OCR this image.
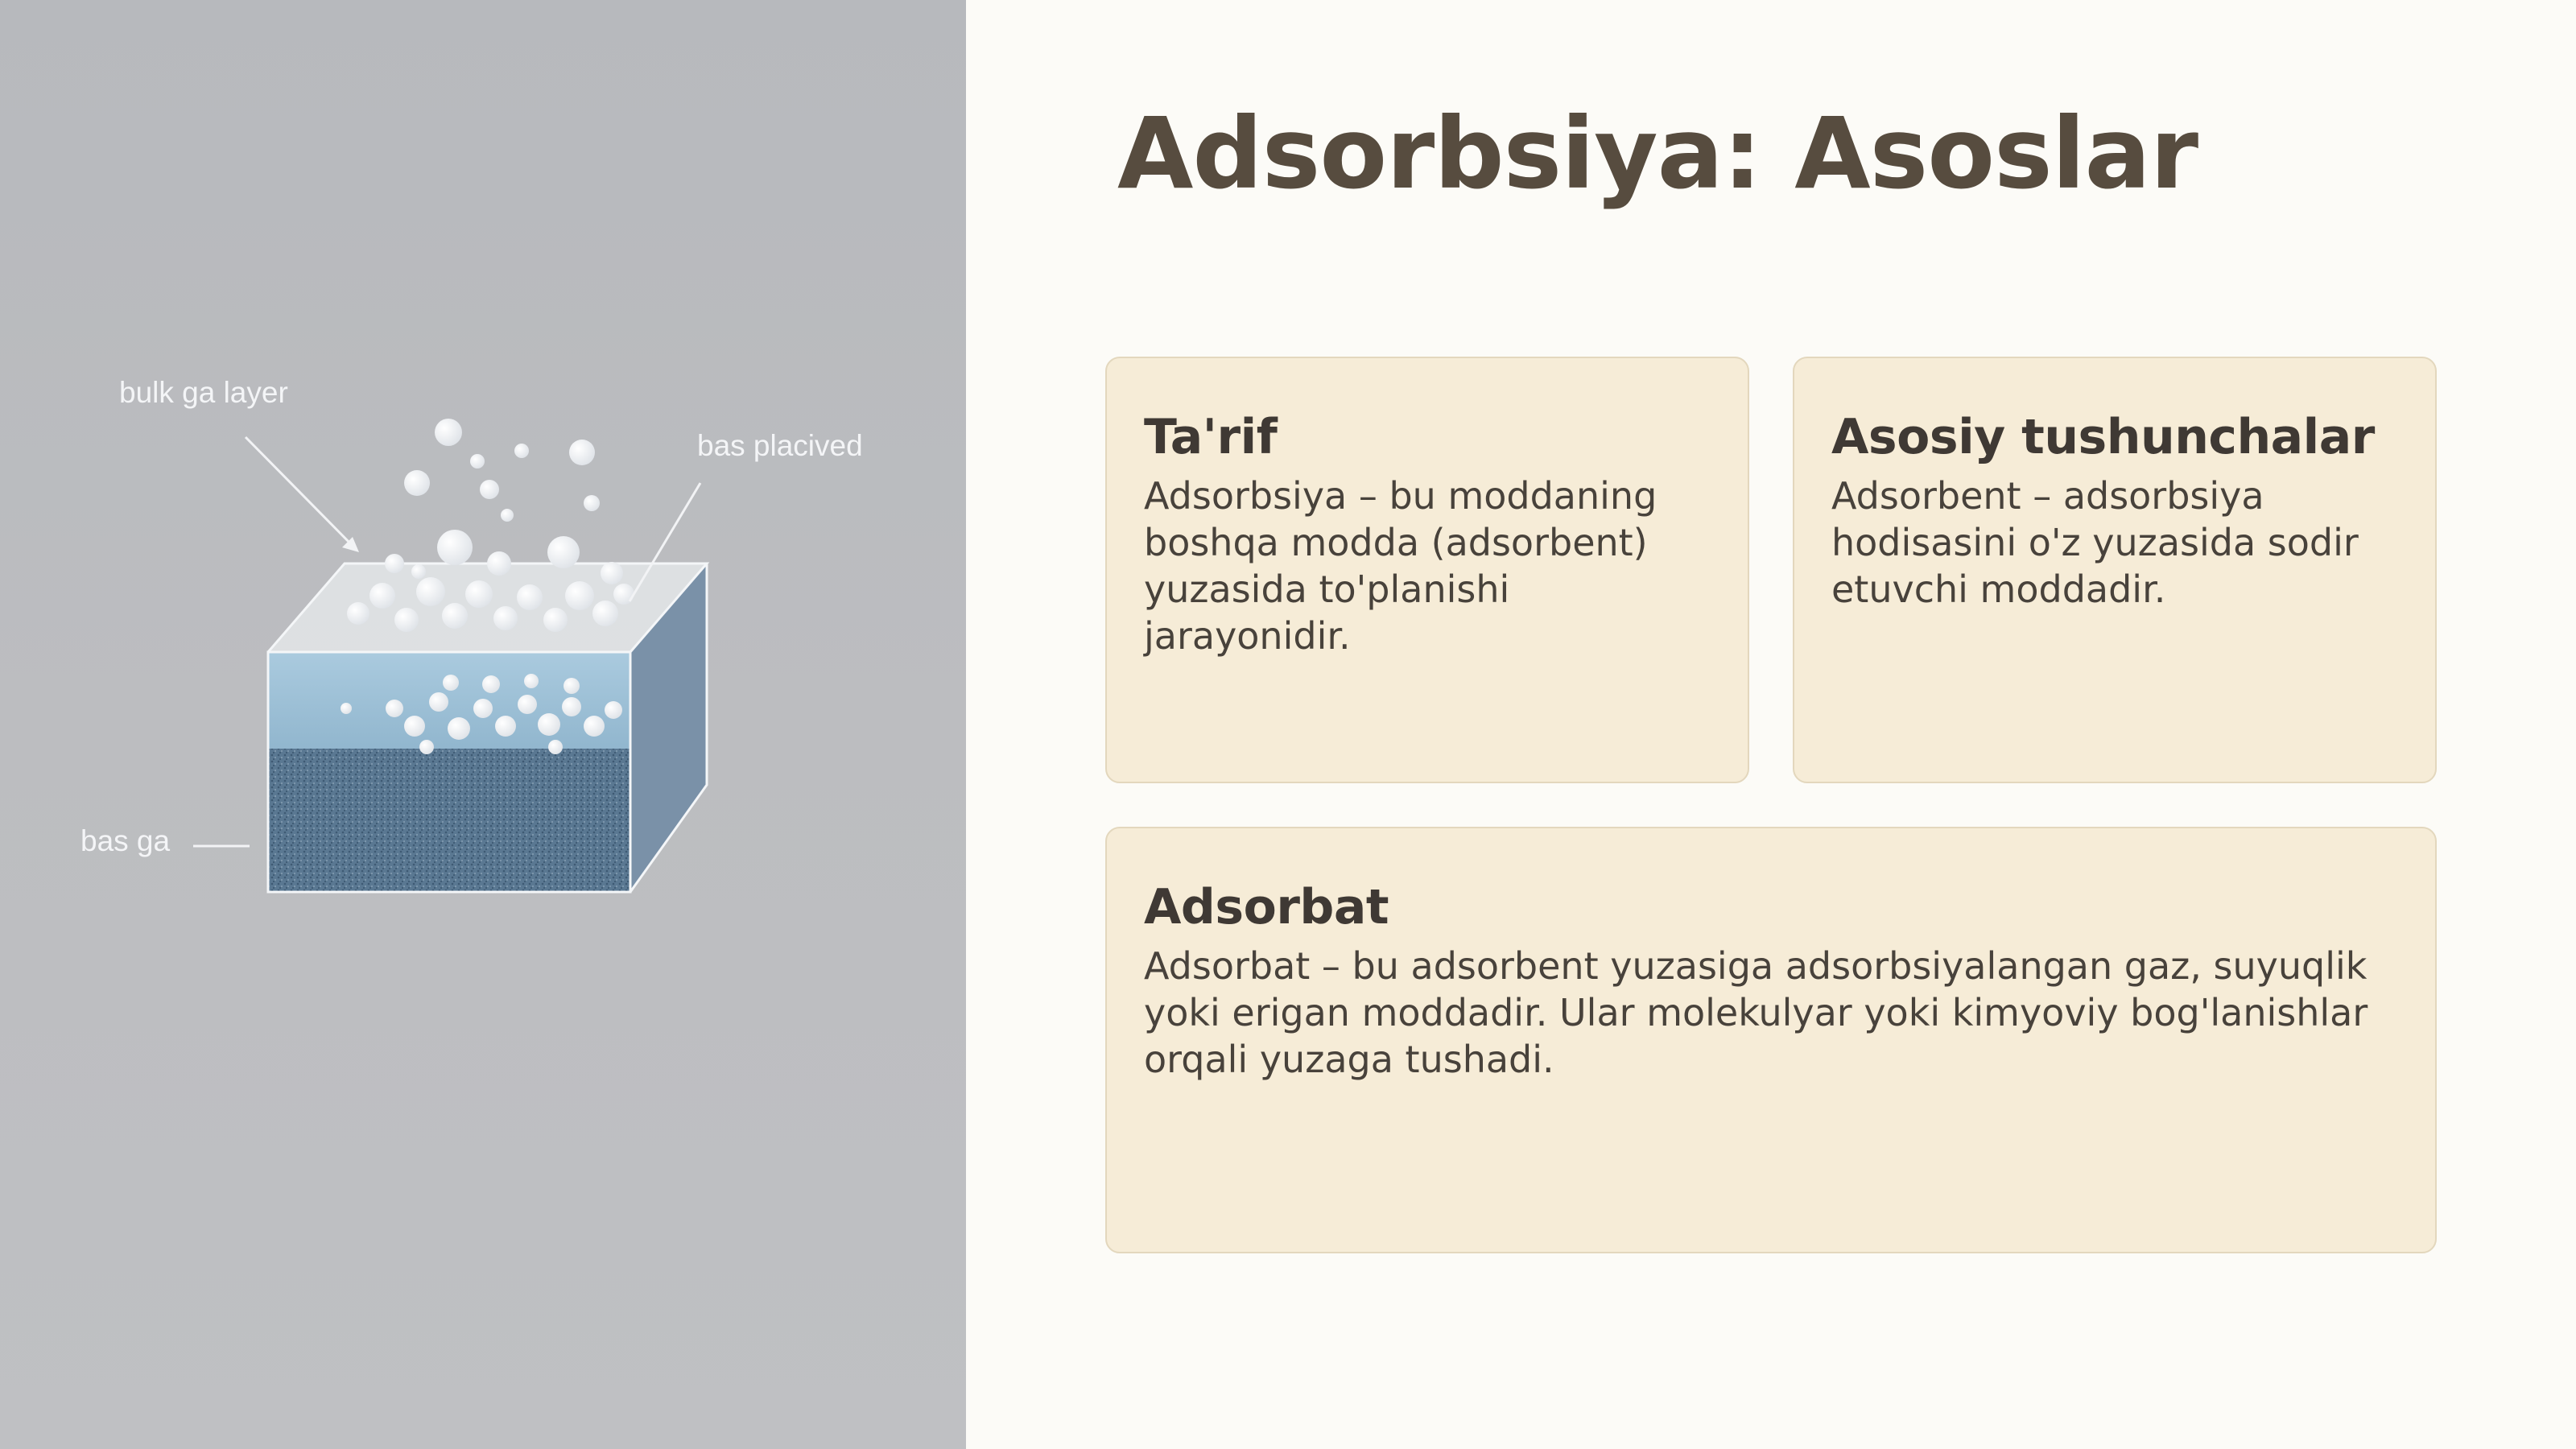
bulk ga layer
bas placived
bas ga
Adsorbsiya: Asoslar
Ta'rif

Adsorbsiya – bu moddaning boshqa modda (adsorbent) yuzasida to'planishi jarayonidir.

Asosiy tushunchalar

Adsorbent – adsorbsiya hodisasini o'z yuzasida sodir etuvchi moddadir.

Adsorbat

Adsorbat – bu adsorbent yuzasiga adsorbsiyalangan gaz, suyuqlik yoki erigan moddadir. Ular molekulyar yoki kimyoviy bog'lanishlar orqali yuzaga tushadi.
